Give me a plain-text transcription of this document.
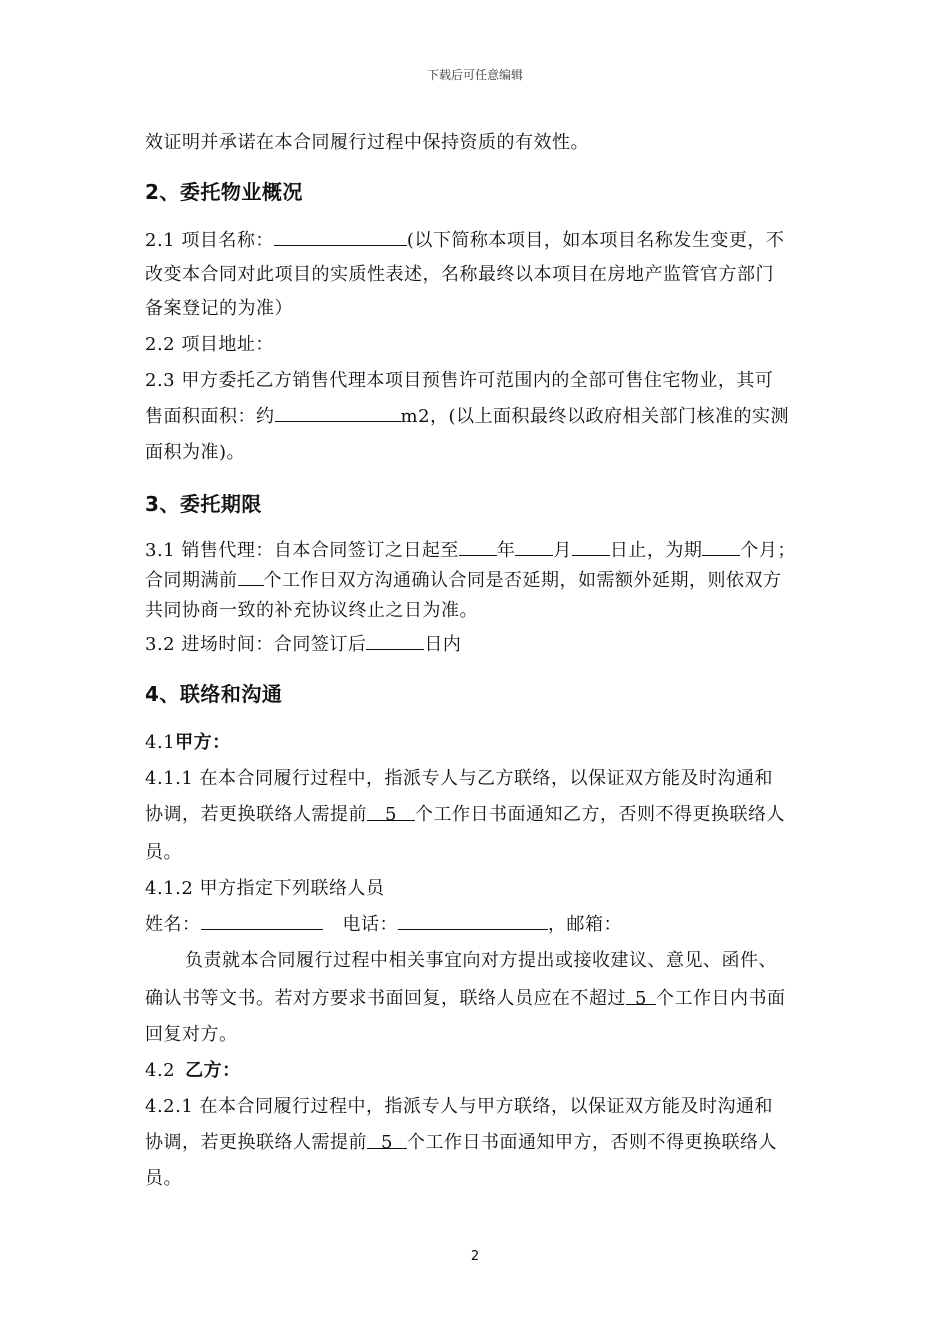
下载后可任意编辑
效证明并承诺在本合同履行过程中保持资质的有效性。
2、委托物业概况
2.1 项目名称：	(以下简称本项目，如本项目名称发生变更，不
改变本合同对此项目的实质性表述，名称最终以本项目在房地产监管官方部门
备案登记的为准）
2.2 项目地址：
2.3 甲方委托乙方销售代理本项目预售许可范围内的全部可售住宅物业，其可
售面积面积：约	m2，(以上面积最终以政府相关部门核准的实测
面积为准)。
3、委托期限
3.1 销售代理：自本合同签订之日起至 年 月 日止，为期 个月；
合同期满前 个工作日双方沟通确认合同是否延期，如需额外延期，则依双方
共同协商一致的补充协议终止之日为准。
3.2 进场时间：合同签订后	日内
4、联络和沟通
4.1甲方：
4.1.1 在本合同履行过程中，指派专人与乙方联络，以保证双方能及时沟通和
协调，若更换联络人需提前 5 个工作日书面通知乙方，否则不得更换联络人
员。
4.1.2 甲方指定下列联络人员
姓名：	电话：	，邮箱：
负责就本合同履行过程中相关事宜向对方提出或接收建议、意见、函件、
确认书等文书。若对方要求书面回复，联络人员应在不超过 5 个工作日内书面
回复对方。
4.2 乙方：
4.2.1 在本合同履行过程中，指派专人与甲方联络，以保证双方能及时沟通和
协调，若更换联络人需提前 5 个工作日书面通知甲方，否则不得更换联络人
员。
2
